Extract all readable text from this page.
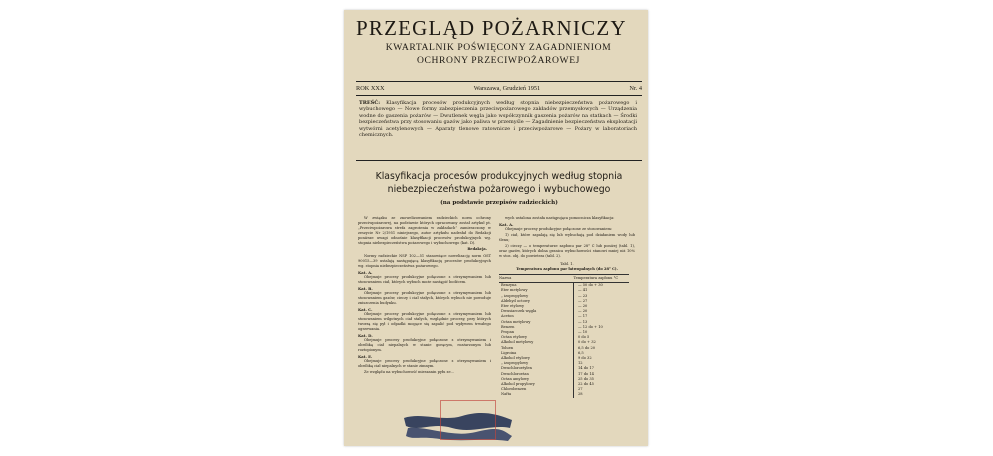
PRZEGLĄD POŻARNICZY
KWARTALNIK POŚWIĘCONY ZAGADNIENIOM
OCHRONY PRZECIWPOŻAROWEJ
ROK XXX	Warszawa, Grudzień 1951	Nr. 4
TREŚĆ: Klasyfikacja procesów produkcyjnych według stopnia niebezpieczeństwa pożarowego i wybuchowego — Nowe formy zabezpieczenia przeciwpożarowego zakładów przemysłowych — Urządzenia wodne do gaszenia pożarów — Dwutlenek węgla jako współczynnik gaszenia pożarów na statkach — Środki bezpieczeństwa przy stosowaniu gazów jako paliwa w przemyśle — Zagadnienie bezpieczeństwa eksploatacji wytwórni acetylenowych — Aparaty tlenowe ratownicze i przeciwpożarowe — Pożary w laboratoriach chemicznych.
Klasyfikacja procesów produkcyjnych według stopnia
niebezpieczeństwa pożarowego i wybuchowego
(na podstawie przepisów radzieckich)

W związku ze znowelizowaniem radzieckich norm ochrony przeciwpożarowej, na podstawie których opracowany został artykuł pt. „Przeciwpożarowa strefa zagrożenia w zakładach” zamieszczony w zeszycie Nr 2/1951 niniejszego, autor artykułu nadesłał do Redakcji poniższe uwagi odnośnie klasyfikacji procesów produkcyjnych wg. stopnia niebezpieczeństwa pożarowego i wybuchowego (kat. D).

Redakcja.

Normy radzieckie NSP 102—51 stanowiące nowelizację norm OST 90015—39 ustalają następującą klasyfikację procesów produkcyjnych wg. stopnia niebezpieczeństwa pożarowego.

Kat. A.

Obejmuje procesy produkcyjne połączone z otrzymywaniem lub stosowaniem ciał, których wybuch może nastąpić bodźcem.

Kat. B.

Obejmuje procesy produkcyjne połączone z otrzymywaniem lub stosowaniem gazów, cieczy i ciał stałych, których wybuch nie powoduje zniszczenia budynku.

Kat. C.

Obejmuje procesy produkcyjne połączone z otrzymywaniem lub stosowaniem wilgotnych ciał stałych, względnie procesy, przy których tworzą się pył i odpadki mogące się zapalić pod wpływem trwałego ogrzewania.

Kat. D.

Obejmuje procesy produkcyjne połączone z otrzymywaniem i obróbką ciał niepalnych w stanie gorącym, rozżarzonym lub roztopionym.

Kat. E.

Obejmuje procesy produkcyjne połączone z otrzymywaniem i obróbką ciał niepalnych w stanie zimnym.

Ze względu na wybuchowość mieszanin pyłu ze...

wych ustalona została następująca pomocnicza klasyfikacja:

Kat. A.

Obejmuje procesy produkcyjne połączone ze stosowaniem:

1) ciał, które zapalają się lub wybuchają pod działaniem wody lub tlenu;

2) cieczy — o temperaturze zapłonu par 28° C lub poniżej (tabl. 1), oraz gazów, których dolna granica wybuchowości stanowi mniej niż 10% w stos. obj. do powietrza (tabl. 2).

Tabl. 1.
Temperatura zapłonu par łatwopalnych (do 28° C).
Nazwa	Temperatura zapłonu °C
Benzyna	— 50 do + 30
Eter metylowy	— 41
„ izopropylowy	— 23
Aldehyd octowy	— 27
Eter etylowy	— 20
Dwusiarczek węgla	— 20
Aceton	— 17
Octan metylowy	— 13
Benzen	— 12 do + 10
Propan	— 10
Octan etylowy	0 do 5
Alkohol metylowy	0 do + 32
Toluen	6,5 do 20
Ligroina	6,5
Alkohol etylowy	9 do 32
„ izopropylowy	12
Dwuchloroetylen	14 do 17
Dwuchloroetan	17 do 14
Octan amylowy	25 do 35
Alkohol propylowy	22 do 45
Chlorobenzen	27
Nafta	28
